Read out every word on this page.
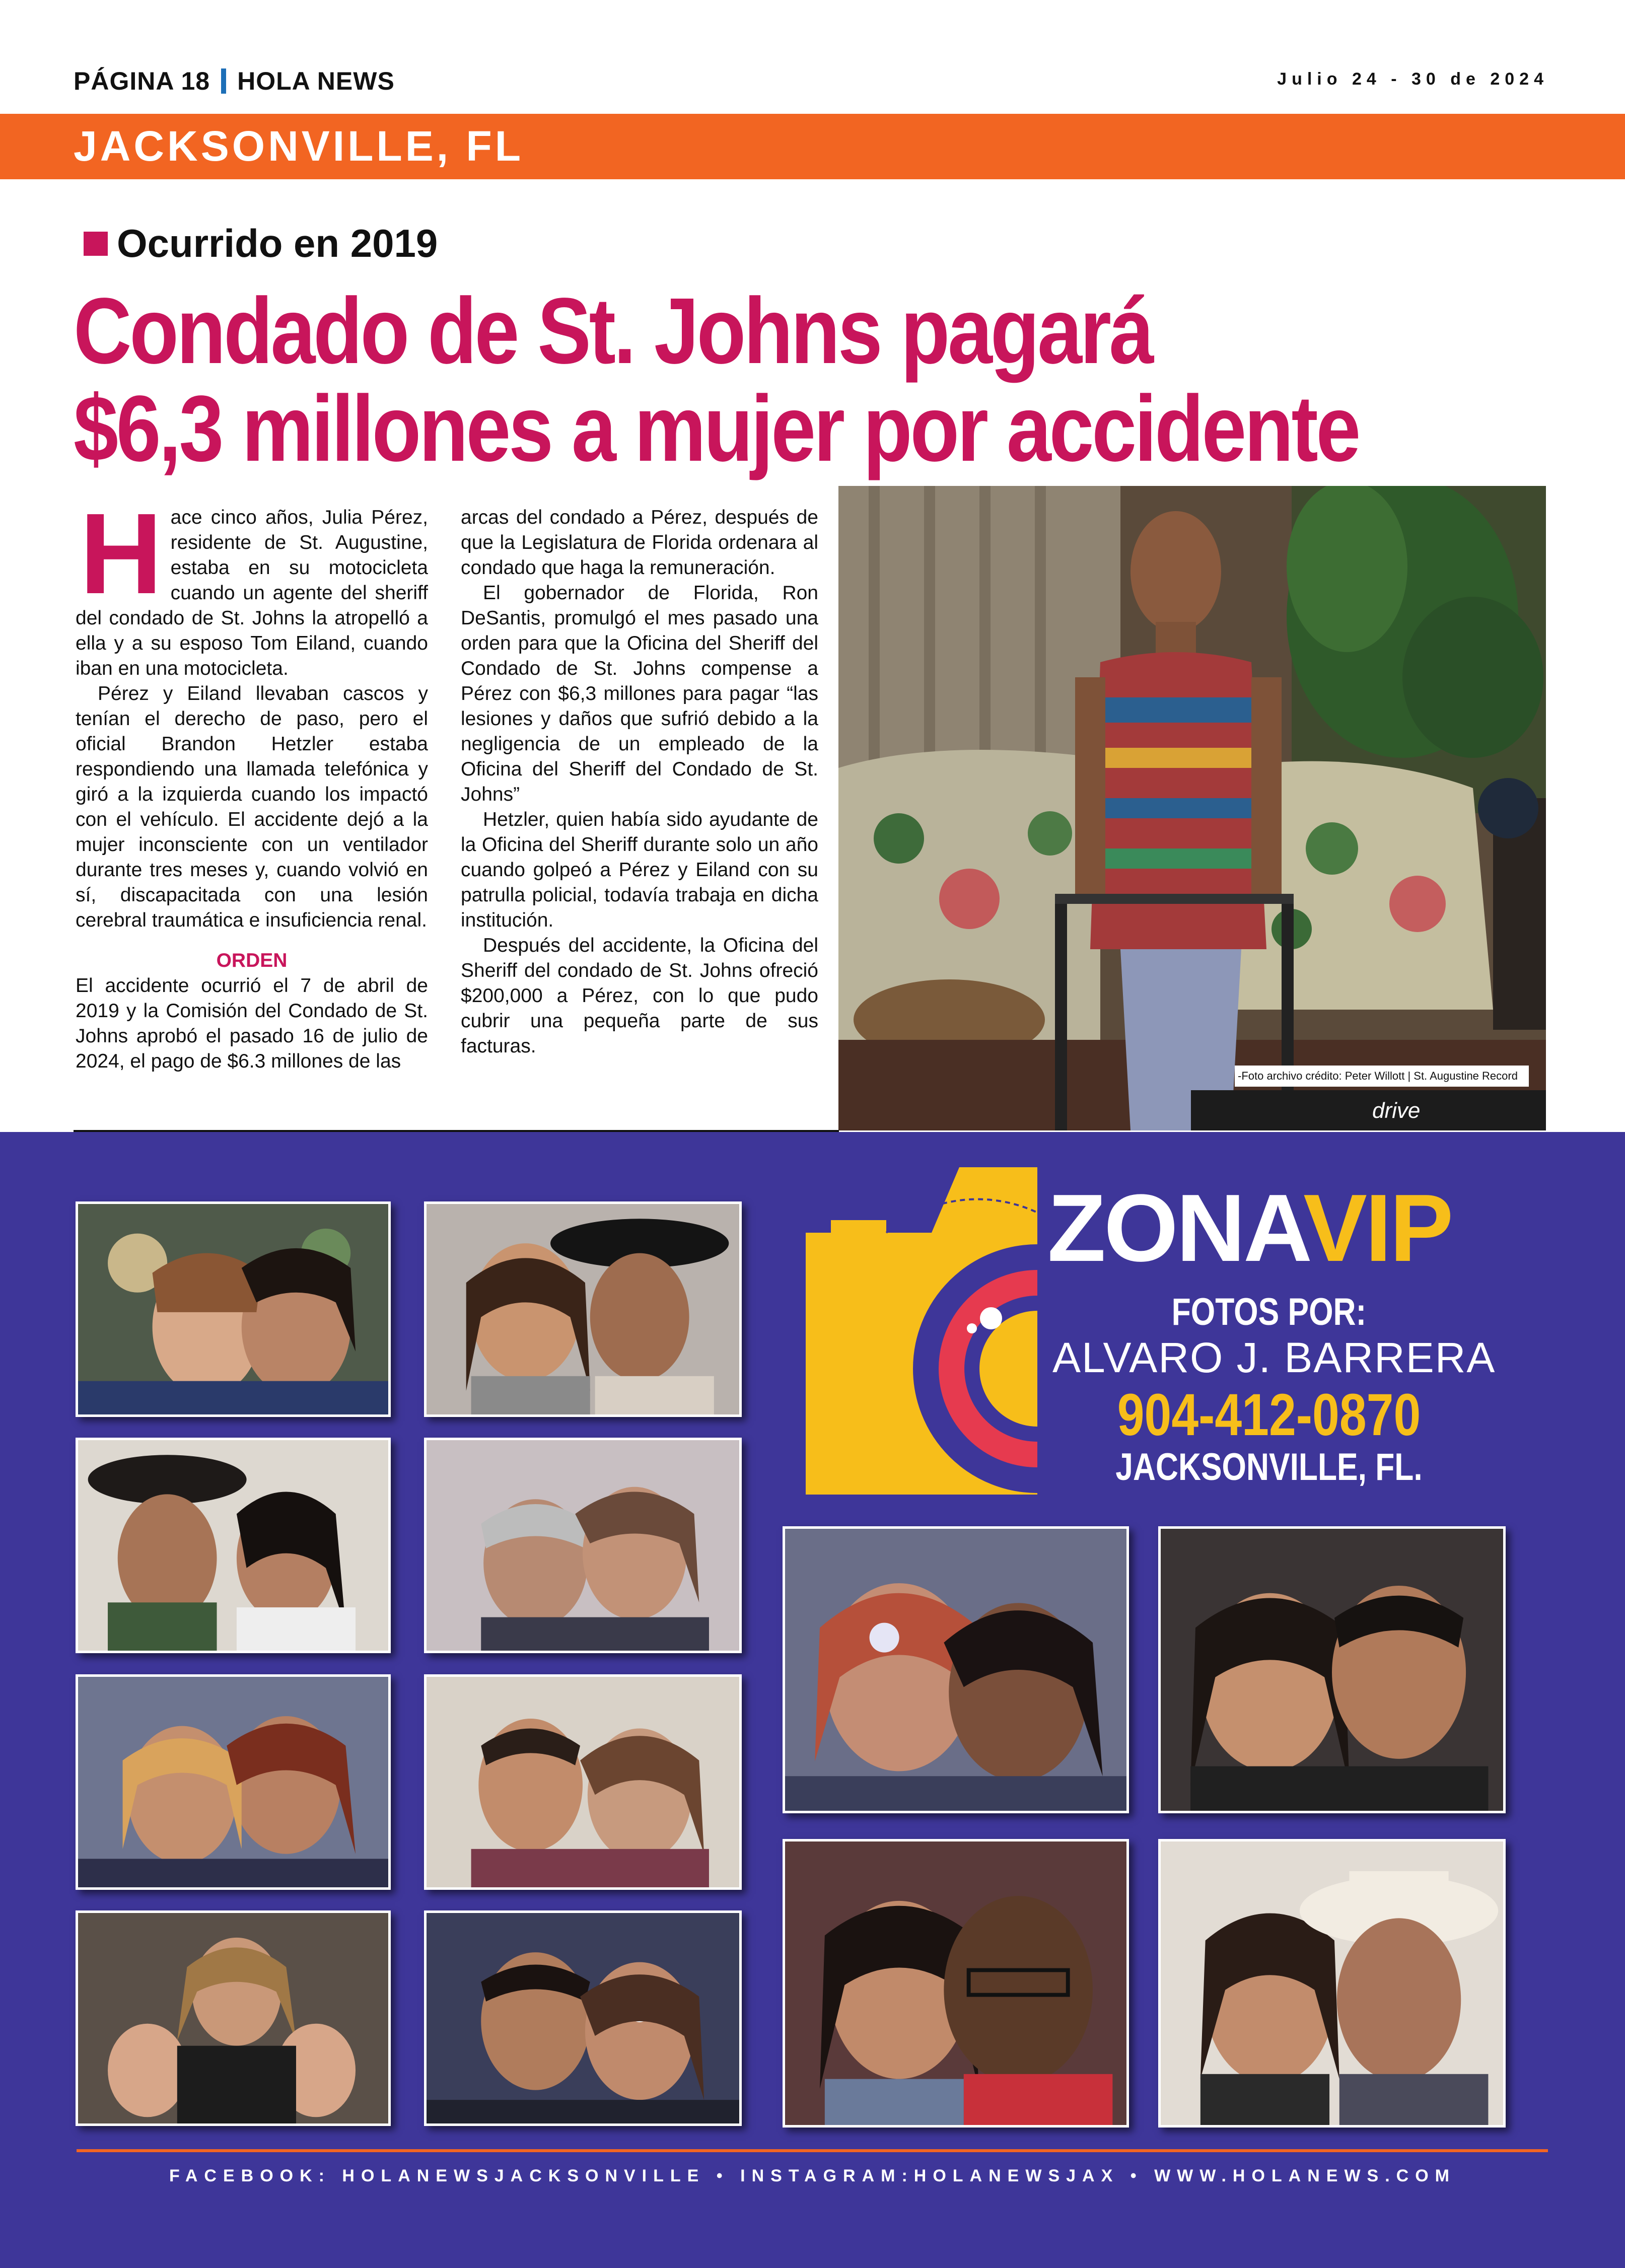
PÁGINA 18 HOLA NEWS	Julio 24 - 30 de 2024
JACKSONVILLE, FL
Ocurrido en 2019
Condado de St. Johns pagará
$6,3 millones a mujer por accidente
H ace cinco años, Julia Pérez, residente de St. Augustine, estaba en su motocicleta cuando un agente del sheriff del condado de St. Johns la atropelló a ella y a su esposo Tom Eiland, cuando iban en una motocicleta.

Pérez y Eiland llevaban cascos y tenían el derecho de paso, pero el oficial Brandon Hetzler estaba respondiendo una llamada telefónica y giró a la izquierda cuando los impactó con el vehículo. El accidente dejó a la mujer inconsciente con un ventilador durante tres meses y, cuando volvió en sí, discapacitada con una lesión cerebral traumática e insuficiencia renal.

ORDEN

El accidente ocurrió el 7 de abril de 2019 y la Comisión del Condado de St. Johns aprobó el pasado 16 de julio de 2024, el pago de $6.3 millones de las

arcas del condado a Pérez, después de que la Legislatura de Florida ordenara al condado que haga la remuneración.

El gobernador de Florida, Ron DeSantis, promulgó el mes pasado una orden para que la Oficina del Sheriff del Condado de St. Johns compense a Pérez con $6,3 millones para pagar “las lesiones y daños que sufrió debido a la negligencia de un empleado de la Oficina del Sheriff del Condado de St. Johns”

Hetzler, quien había sido ayudante de la Oficina del Sheriff durante solo un año cuando golpeó a Pérez y Eiland con su patrulla policial, todavía trabaja en dicha institución.

Después del accidente, la Oficina del Sheriff del condado de St. Johns ofreció $200,000 a Pérez, con lo que pudo cubrir una pequeña parte de sus facturas.

drive
-Foto archivo crédito: Peter Willott | St. Augustine Record
ZONAVIP
FOTOS POR:
ALVARO J. BARRERA
904-412-0870
JACKSONVILLE, FL.
FACEBOOK: HOLANEWSJACKSONVILLE • INSTAGRAM:HOLANEWSJAX • WWW.HOLANEWS.COM
